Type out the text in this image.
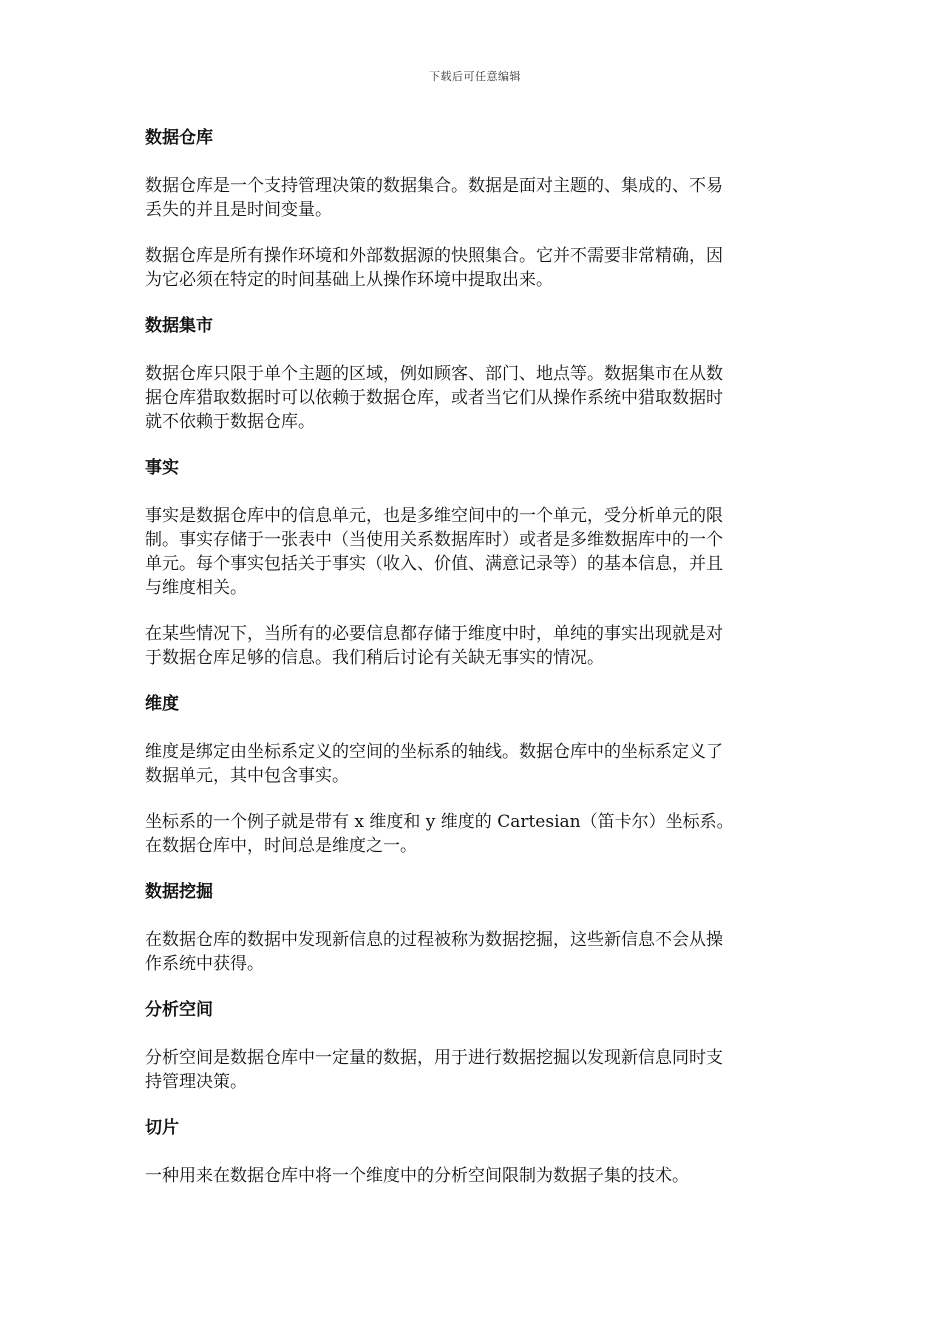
下载后可任意编辑
数据仓库

数据仓库是一个支持管理决策的数据集合。数据是面对主题的、集成的、不易
丢失的并且是时间变量。

数据仓库是所有操作环境和外部数据源的快照集合。它并不需要非常精确，因
为它必须在特定的时间基础上从操作环境中提取出来。

数据集市

数据仓库只限于单个主题的区域，例如顾客、部门、地点等。数据集市在从数
据仓库猎取数据时可以依赖于数据仓库，或者当它们从操作系统中猎取数据时
就不依赖于数据仓库。

事实

事实是数据仓库中的信息单元，也是多维空间中的一个单元，受分析单元的限
制。事实存储于一张表中（当使用关系数据库时）或者是多维数据库中的一个
单元。每个事实包括关于事实（收入、价值、满意记录等）的基本信息，并且
与维度相关。

在某些情况下，当所有的必要信息都存储于维度中时，单纯的事实出现就是对
于数据仓库足够的信息。我们稍后讨论有关缺无事实的情况。

维度

维度是绑定由坐标系定义的空间的坐标系的轴线。数据仓库中的坐标系定义了
数据单元，其中包含事实。

坐标系的一个例子就是带有 x 维度和 y 维度的 Cartesian（笛卡尔）坐标系。
在数据仓库中，时间总是维度之一。

数据挖掘

在数据仓库的数据中发现新信息的过程被称为数据挖掘，这些新信息不会从操
作系统中获得。

分析空间

分析空间是数据仓库中一定量的数据，用于进行数据挖掘以发现新信息同时支
持管理决策。

切片

一种用来在数据仓库中将一个维度中的分析空间限制为数据子集的技术。
